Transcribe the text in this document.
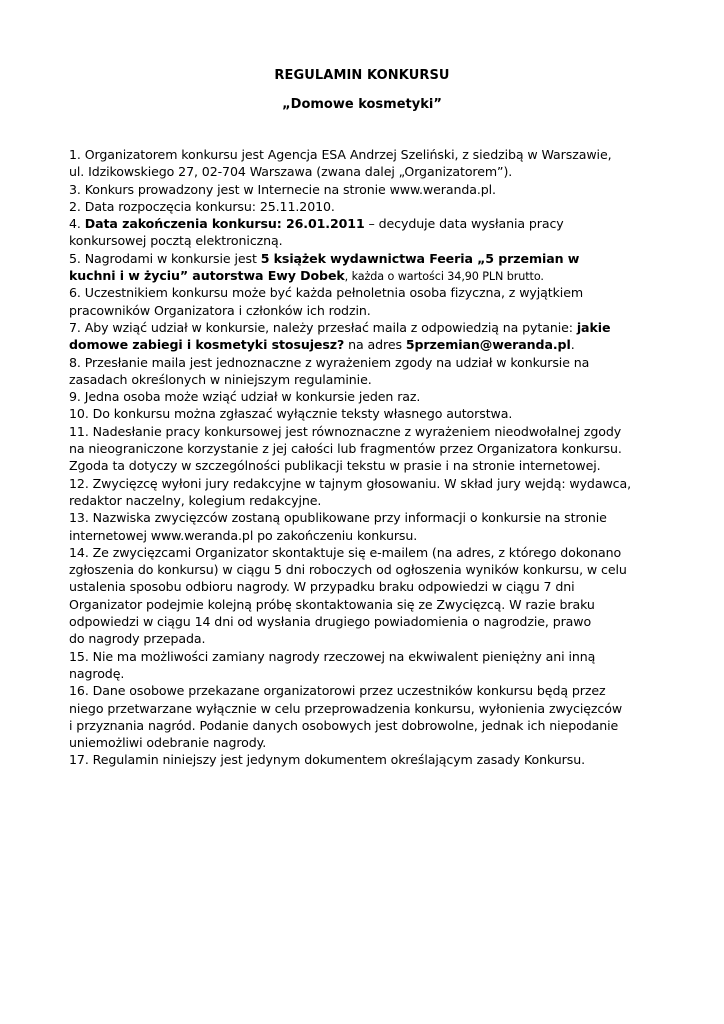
REGULAMIN KONKURSU
„Domowe kosmetyki”
1. Organizatorem konkursu jest Agencja ESA Andrzej Szeliński, z siedzibą w Warszawie,
ul. Idzikowskiego 27, 02-704 Warszawa (zwana dalej „Organizatorem”).
3. Konkurs prowadzony jest w Internecie na stronie www.weranda.pl.
2. Data rozpoczęcia konkursu: 25.11.2010.
4. Data zakończenia konkursu: 26.01.2011 – decyduje data wysłania pracy
konkursowej pocztą elektroniczną.
5. Nagrodami w konkursie jest 5 książek wydawnictwa Feeria „5 przemian w
kuchni i w życiu” autorstwa Ewy Dobek, każda o wartości 34,90 PLN brutto.
6. Uczestnikiem konkursu może być każda pełnoletnia osoba fizyczna, z wyjątkiem
pracowników Organizatora i członków ich rodzin.
7. Aby wziąć udział w konkursie, należy przesłać maila z odpowiedzią na pytanie: jakie
domowe zabiegi i kosmetyki stosujesz? na adres 5przemian@weranda.pl.
8. Przesłanie maila jest jednoznaczne z wyrażeniem zgody na udział w konkursie na
zasadach określonych w niniejszym regulaminie.
9. Jedna osoba może wziąć udział w konkursie jeden raz.
10. Do konkursu można zgłaszać wyłącznie teksty własnego autorstwa.
11. Nadesłanie pracy konkursowej jest równoznaczne z wyrażeniem nieodwołalnej zgody
na nieograniczone korzystanie z jej całości lub fragmentów przez Organizatora konkursu.
Zgoda ta dotyczy w szczególności publikacji tekstu w prasie i na stronie internetowej.
12. Zwycięzcę wyłoni jury redakcyjne w tajnym głosowaniu. W skład jury wejdą: wydawca,
redaktor naczelny, kolegium redakcyjne.
13. Nazwiska zwycięzców zostaną opublikowane przy informacji o konkursie na stronie
internetowej www.weranda.pl po zakończeniu konkursu.
14. Ze zwycięzcami Organizator skontaktuje się e-mailem (na adres, z którego dokonano
zgłoszenia do konkursu) w ciągu 5 dni roboczych od ogłoszenia wyników konkursu, w celu
ustalenia sposobu odbioru nagrody. W przypadku braku odpowiedzi w ciągu 7 dni
Organizator podejmie kolejną próbę skontaktowania się ze Zwycięzcą. W razie braku
odpowiedzi w ciągu 14 dni od wysłania drugiego powiadomienia o nagrodzie, prawo
do nagrody przepada.
15. Nie ma możliwości zamiany nagrody rzeczowej na ekwiwalent pieniężny ani inną
nagrodę.
16. Dane osobowe przekazane organizatorowi przez uczestników konkursu będą przez
niego przetwarzane wyłącznie w celu przeprowadzenia konkursu, wyłonienia zwycięzców
i przyznania nagród. Podanie danych osobowych jest dobrowolne, jednak ich niepodanie
uniemożliwi odebranie nagrody.
17. Regulamin niniejszy jest jedynym dokumentem określającym zasady Konkursu.
